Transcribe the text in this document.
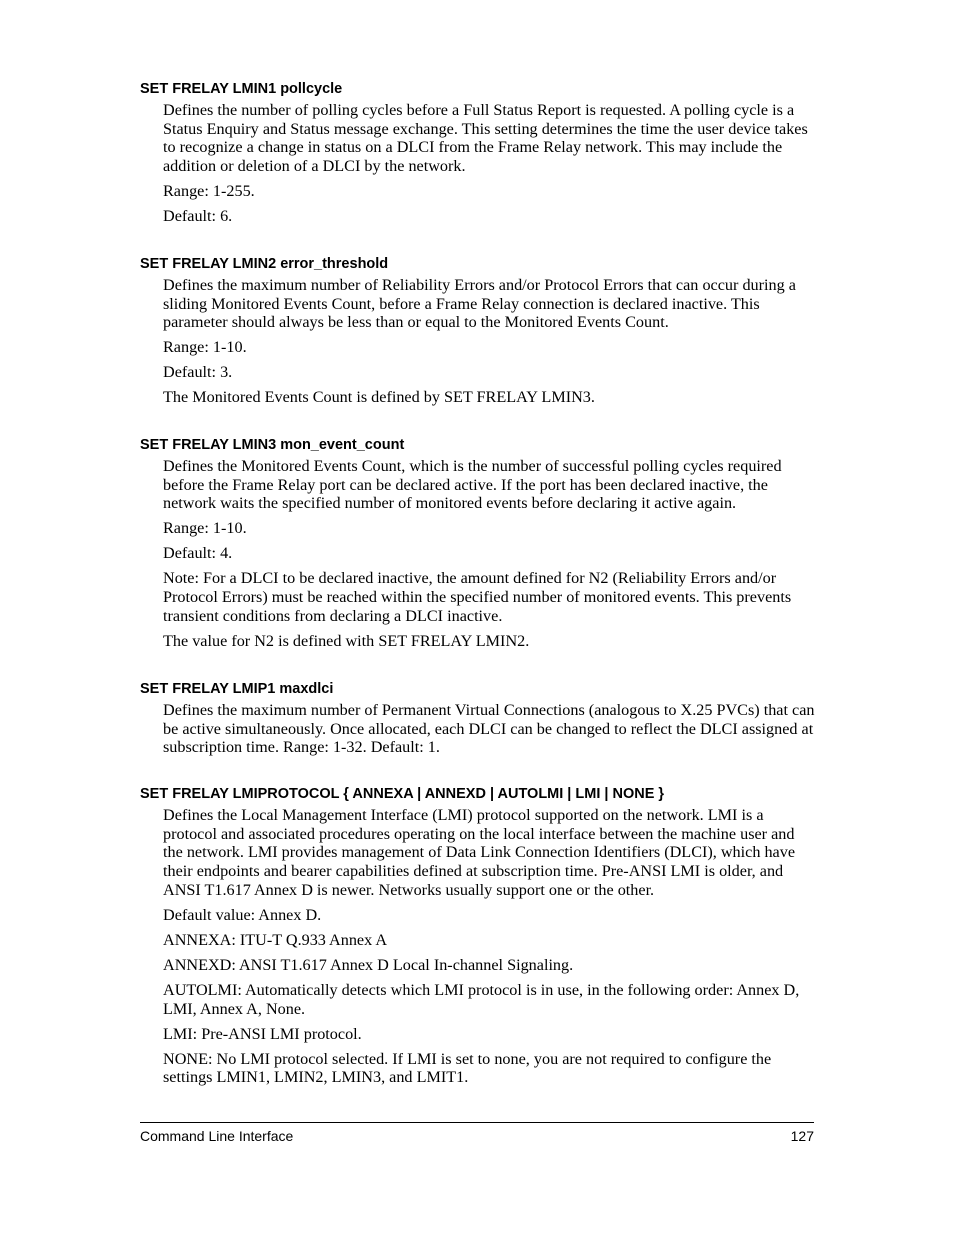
SET FRELAY LMIN1 pollcycle

Defines the number of polling cycles before a Full Status Report is requested. A polling cycle is a Status Enquiry and Status message exchange. This setting determines the time the user device takes to recognize a change in status on a DLCI from the Frame Relay network. This may include the addition or deletion of a DLCI by the network.

Range: 1-255.

Default: 6.

SET FRELAY LMIN2 error_threshold

Defines the maximum number of Reliability Errors and/or Protocol Errors that can occur during a sliding Monitored Events Count, before a Frame Relay connection is declared inactive. This parameter should always be less than or equal to the Monitored Events Count.

Range: 1-10.

Default: 3.

The Monitored Events Count is defined by SET FRELAY LMIN3.

SET FRELAY LMIN3 mon_event_count

Defines the Monitored Events Count, which is the number of successful polling cycles required before the Frame Relay port can be declared active. If the port has been declared inactive, the network waits the specified number of monitored events before declaring it active again.

Range: 1-10.

Default: 4.

Note: For a DLCI to be declared inactive, the amount defined for N2 (Reliability Errors and/or Protocol Errors) must be reached within the specified number of monitored events. This prevents transient conditions from declaring a DLCI inactive.

The value for N2 is defined with SET FRELAY LMIN2.

SET FRELAY LMIP1 maxdlci

Defines the maximum number of Permanent Virtual Connections (analogous to X.25 PVCs) that can be active simultaneously. Once allocated, each DLCI can be changed to reflect the DLCI assigned at subscription time. Range: 1-32. Default: 1.

SET FRELAY LMIPROTOCOL { ANNEXA | ANNEXD | AUTOLMI | LMI | NONE }

Defines the Local Management Interface (LMI) protocol supported on the network. LMI is a protocol and associated procedures operating on the local interface between the machine user and the network. LMI provides management of Data Link Connection Identifiers (DLCI), which have their endpoints and bearer capabilities defined at subscription time. Pre-ANSI LMI is older, and ANSI T1.617 Annex D is newer. Networks usually support one or the other.

Default value: Annex D.

ANNEXA: ITU-T Q.933 Annex A

ANNEXD: ANSI T1.617 Annex D Local In-channel Signaling.

AUTOLMI: Automatically detects which LMI protocol is in use, in the following order: Annex D, LMI, Annex A, None.

LMI: Pre-ANSI LMI protocol.

NONE: No LMI protocol selected. If LMI is set to none, you are not required to configure the settings LMIN1, LMIN2, LMIN3, and LMIT1.

Command Line Interface	127
